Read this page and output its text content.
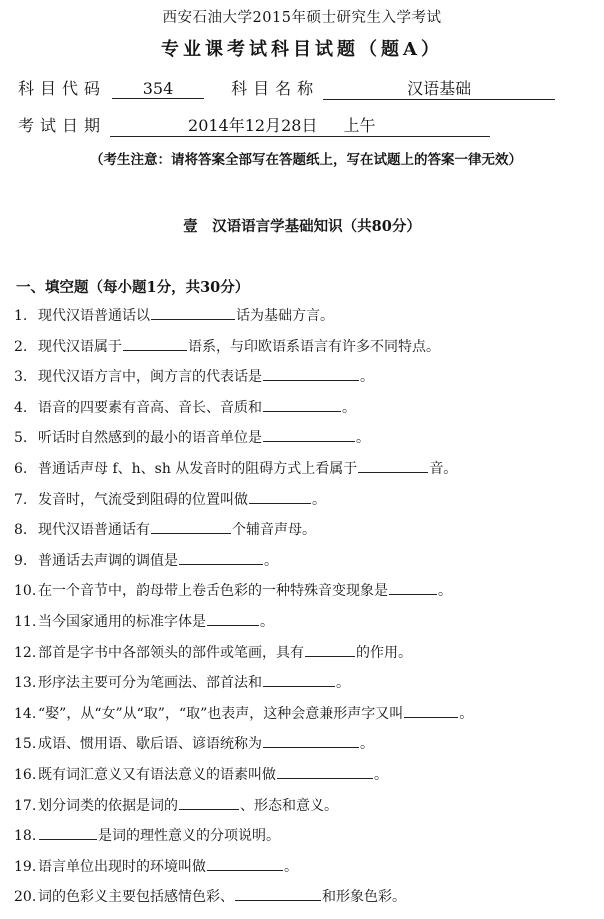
西安石油大学2015年硕士研究生入学考试
专业课考试科目试题（题A）
科目代码 354	科目名称	汉语基础
考试日期	2014年12月28日 上午
（考生注意：请将答案全部写在答题纸上，写在试题上的答案一律无效）
壹　汉语语言学基础知识（共80分）
一、填空题（每小题1分，共30分）
1. 现代汉语普通话以	话为基础方言。
2. 现代汉语属于	语系，与印欧语系语言有许多不同特点。
3. 现代汉语方言中，闽方言的代表话是	。
4. 语音的四要素有音高、音长、音质和	。
5. 听话时自然感到的最小的语音单位是	。
6. 普通话声母 f、h、sh 从发音时的阻碍方式上看属于	音。
7. 发音时，气流受到阻碍的位置叫做	。
8. 现代汉语普通话有	个辅音声母。
9. 普通话去声调的调值是	。
10. 在一个音节中，韵母带上卷舌色彩的一种特殊音变现象是	。
11. 当今国家通用的标准字体是	。
12. 部首是字书中各部领头的部件或笔画，具有	的作用。
13. 形序法主要可分为笔画法、部首法和	。
14. “娶”，从“女”从“取”，“取”也表声，这种会意兼形声字又叫	。
15. 成语、惯用语、歇后语、谚语统称为	。
16. 既有词汇意义又有语法意义的语素叫做	。
17. 划分词类的依据是词的	、形态和意义。
18.	是词的理性意义的分项说明。
19. 语言单位出现时的环境叫做	。
20. 词的色彩义主要包括感情色彩、	和形象色彩。
